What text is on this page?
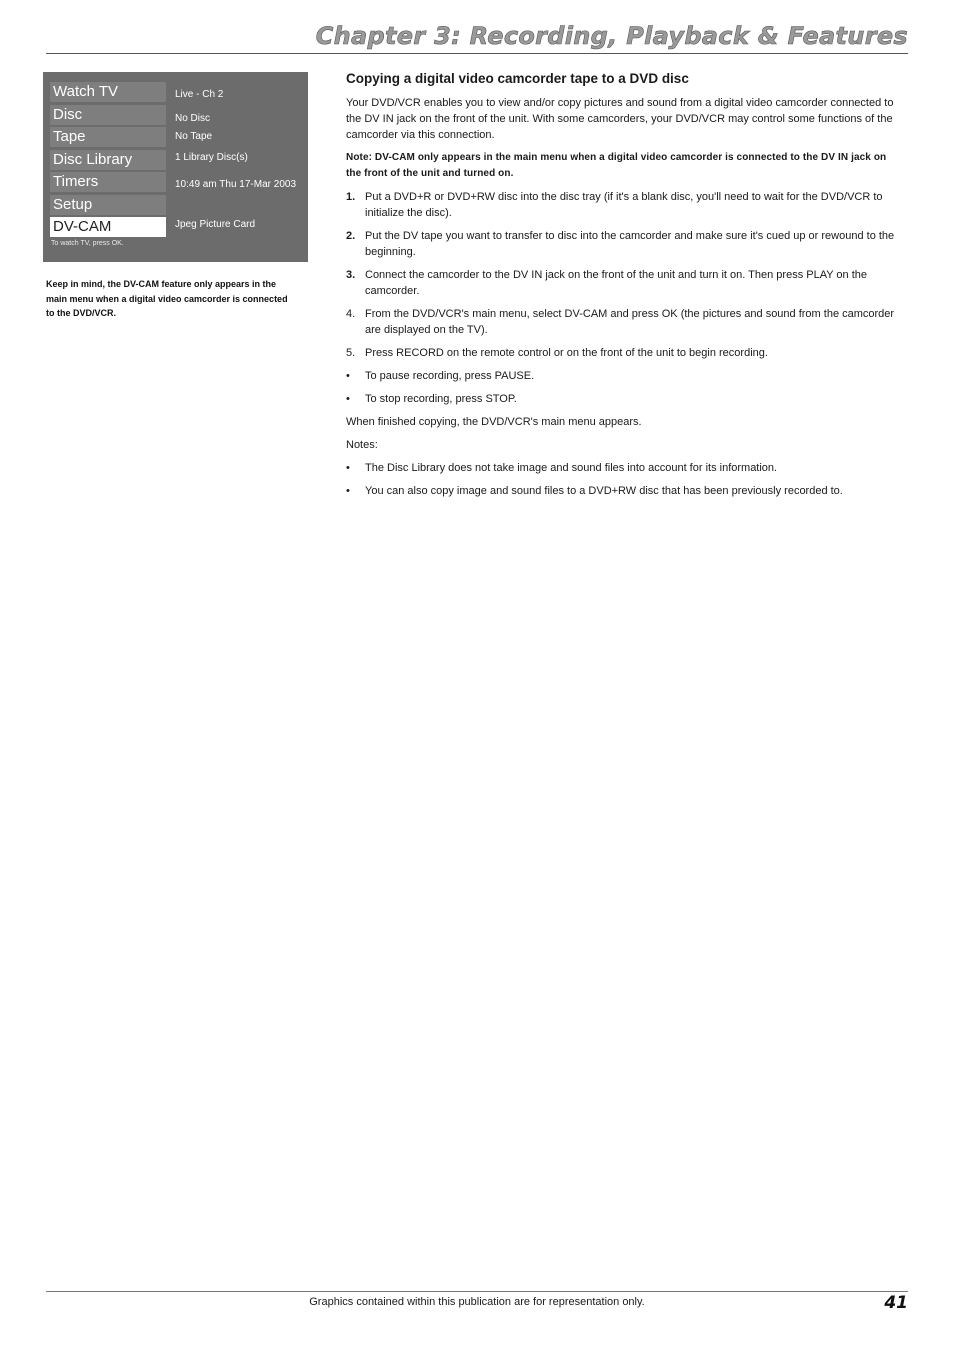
Chapter 3: Recording, Playback & Features
Watch TV
Disc
Tape
Disc Library
Timers
Setup
DV-CAM
Live - Ch 2
No Disc
No Tape
1 Library Disc(s)
10:49 am Thu 17-Mar 2003
Jpeg Picture Card
To watch TV, press OK.
Keep in mind, the DV-CAM feature only appears in the main menu when a digital video camcorder is connected to the DVD/VCR.
Copying a digital video camcorder tape to a DVD disc

Your DVD/VCR enables you to view and/or copy pictures and sound from a digital video camcorder connected to the DV IN jack on the front of the unit. With some camcorders, your DVD/VCR may control some functions of the camcorder via this connection.

Note: DV-CAM only appears in the main menu when a digital video camcorder is connected to the DV IN jack on the front of the unit and turned on.

1. Put a DVD+R or DVD+RW disc into the disc tray (if it's a blank disc, you'll need to wait for the DVD/VCR to initialize the disc).
2. Put the DV tape you want to transfer to disc into the camcorder and make sure it's cued up or rewound to the beginning.
3. Connect the camcorder to the DV IN jack on the front of the unit and turn it on. Then press PLAY on the camcorder.
4. From the DVD/VCR's main menu, select DV-CAM and press OK (the pictures and sound from the camcorder are displayed on the TV).
5. Press RECORD on the remote control or on the front of the unit to begin recording.
• To pause recording, press PAUSE.
• To stop recording, press STOP.

When finished copying, the DVD/VCR's main menu appears.

Notes:

• The Disc Library does not take image and sound files into account for its information.
• You can also copy image and sound files to a DVD+RW disc that has been previously recorded to.
Graphics contained within this publication are for representation only.	41
